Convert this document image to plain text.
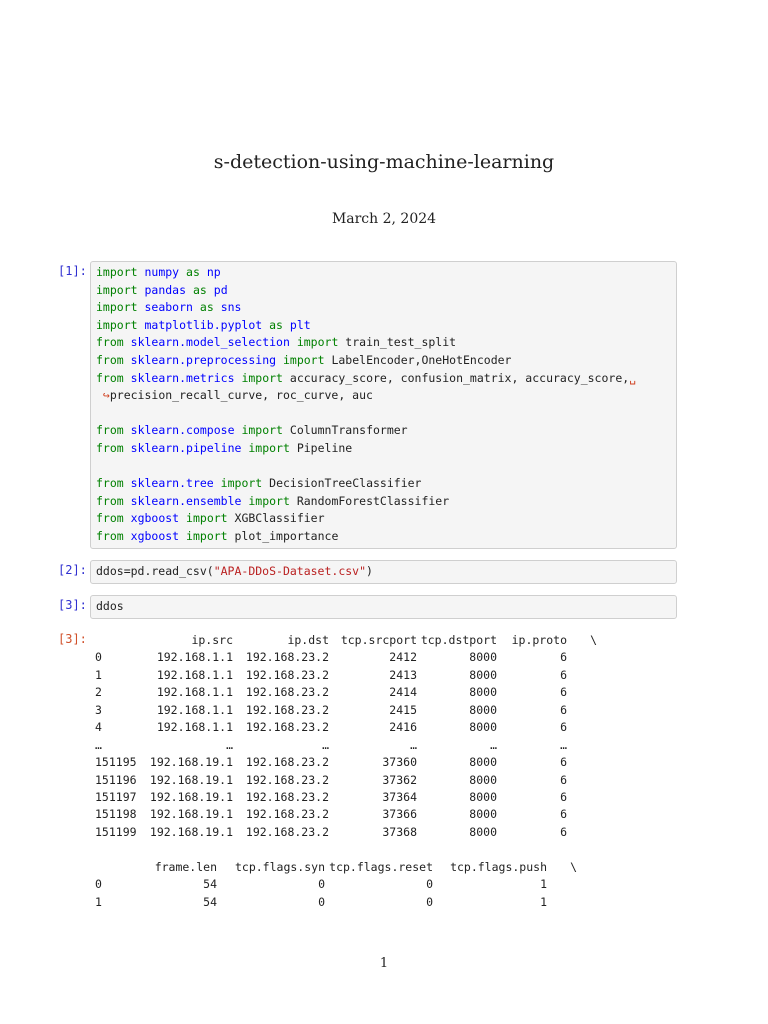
s-detection-using-machine-learning
March 2, 2024
[1]: import numpy as np
import pandas as pd
import seaborn as sns
import matplotlib.pyplot as plt
from sklearn.model_selection import train_test_split
from sklearn.preprocessing import LabelEncoder,OneHotEncoder
from sklearn.metrics import accuracy_score, confusion_matrix, accuracy_score,␣
↪precision_recall_curve, roc_curve, auc
from sklearn.compose import ColumnTransformer
from sklearn.pipeline import Pipeline
from sklearn.tree import DecisionTreeClassifier
from sklearn.ensemble import RandomForestClassifier
from xgboost import XGBClassifier
from xgboost import plot_importance
[2]: ddos=pd.read_csv("APA-DDoS-Dataset.csv")
[3]: ddos
[3]:	ip.src	ip.dst	tcp.srcport tcp.dstport	ip.proto	\
0	192.168.1.1	192.168.23.2	2412	8000	6
1	192.168.1.1	192.168.23.2	2413	8000	6
2	192.168.1.1	192.168.23.2	2414	8000	6
3	192.168.1.1	192.168.23.2	2415	8000	6
4	192.168.1.1	192.168.23.2	2416	8000	6
…	…	…	…	…	…
151195	192.168.19.1	192.168.23.2	37360	8000	6
151196	192.168.19.1	192.168.23.2	37362	8000	6
151197	192.168.19.1	192.168.23.2	37364	8000	6
151198	192.168.19.1	192.168.23.2	37366	8000	6
151199	192.168.19.1	192.168.23.2	37368	8000	6
frame.len	tcp.flags.syn tcp.flags.reset	tcp.flags.push	\
0	54	0	0	1
1	54	0	0	1
1
